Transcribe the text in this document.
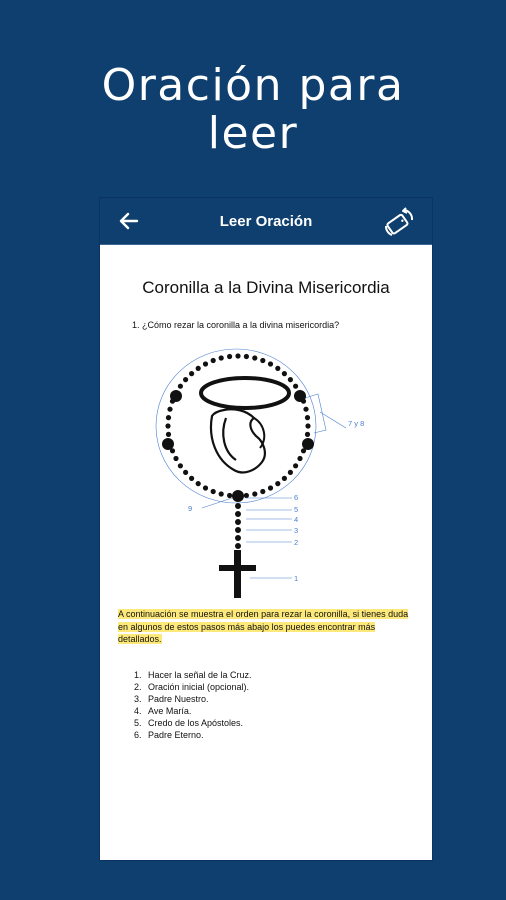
Oración para
leer
Leer Oración
Coronilla a la Divina Misericordia
1. ¿Cómo rezar la coronilla a la divina misericordia?
7 y 8
9
6
5
4
3
2
1
A continuación se muestra el orden para rezar la coronilla, si tienes duda en algunos de estos pasos más abajo los puedes encontrar más detallados.
1. Hacer la señal de la Cruz.
2. Oración inicial (opcional).
3. Padre Nuestro.
4. Ave María.
5. Credo de los Apóstoles.
6. Padre Eterno.
